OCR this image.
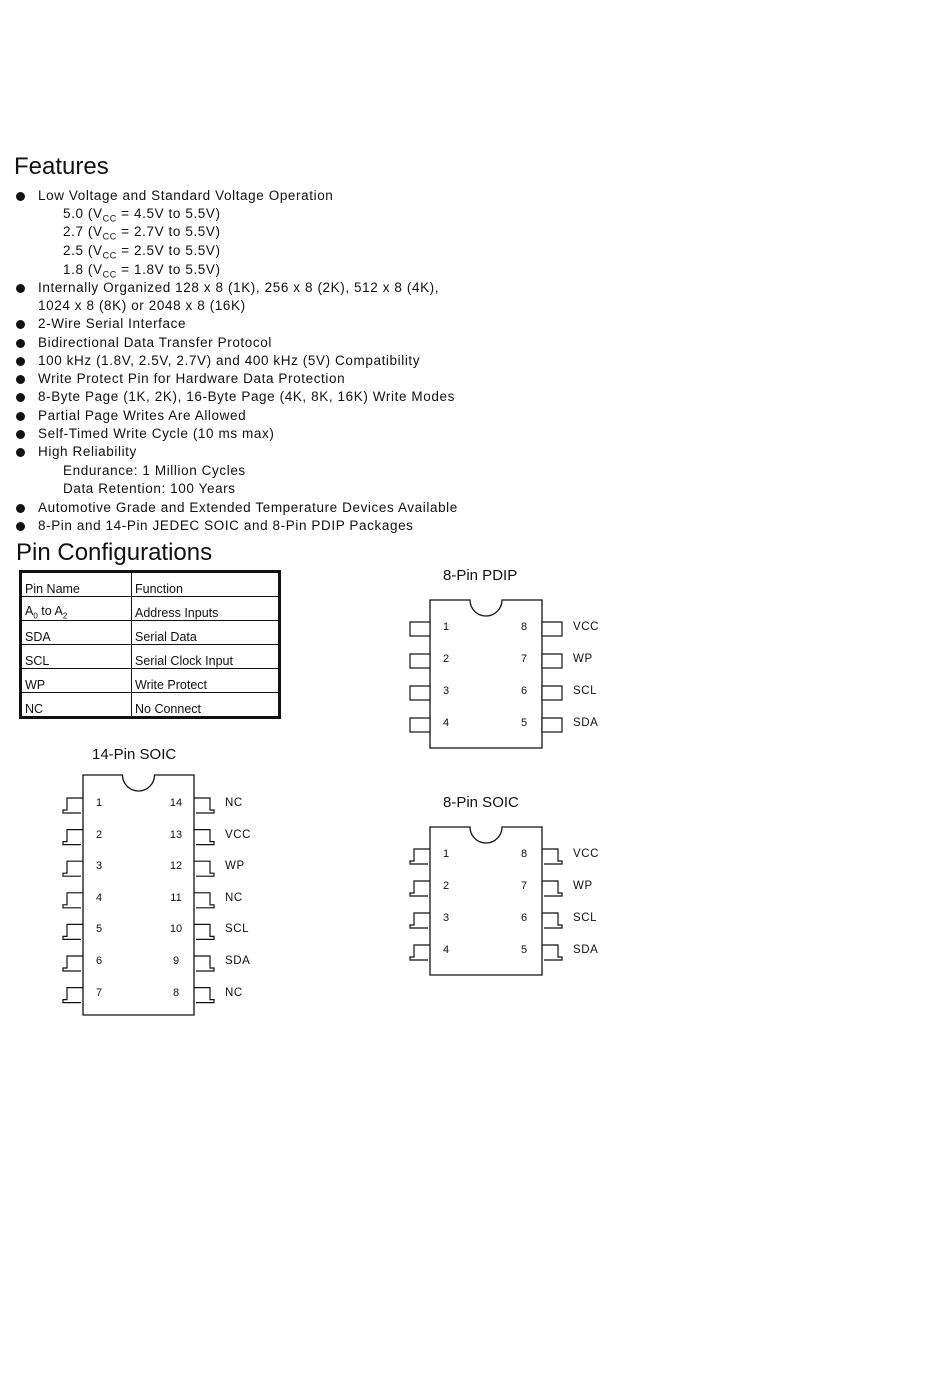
Features
Low Voltage and Standard Voltage Operation
5.0 ($V_{CC} = 4.5V$ to 5.5V)
2.7 ($V_{CC} = 2.7V$ to 5.5V)
2.5 ($V_{CC} = 2.5V$ to 5.5V)
1.8 ($V_{CC} = 1.8V$ to 5.5V)
Internally Organized 128 x 8 (1K), 256 x 8 (2K), 512 x 8 (4K),
1024 x 8 (8K) or 2048 x 8 (16K)
2-Wire Serial Interface
Bidirectional Data Transfer Protocol
100 kHz (1.8V, 2.5V, 2.7V) and 400 kHz (5V) Compatibility
Write Protect Pin for Hardware Data Protection
8-Byte Page (1K, 2K), 16-Byte Page (4K, 8K, 16K) Write Modes
Partial Page Writes Are Allowed
Self-Timed Write Cycle (10 ms max)
High Reliability
Endurance: 1 Million Cycles
Data Retention: 100 Years
Automotive Grade and Extended Temperature Devices Available
8-Pin and 14-Pin JEDEC SOIC and 8-Pin PDIP Packages
Pin Configurations
Pin Name	Function
$A_0$ to $A_2$	Address Inputs
SDA	Serial Data
SCL	Serial Clock Input
WP	Write Protect
NC	No Connect
8-Pin PDIP
1
2
3
4
VCC
8
WP
7
SCL
6
SDA
5
8-Pin SOIC
1
2
3
4
VCC
8
WP
7
SCL
6
SDA
5
14-Pin SOIC
1
2
3
4
5
6
7
NC
14
VCC
13
WP
12
NC
11
SCL
10
SDA
9
NC
8
